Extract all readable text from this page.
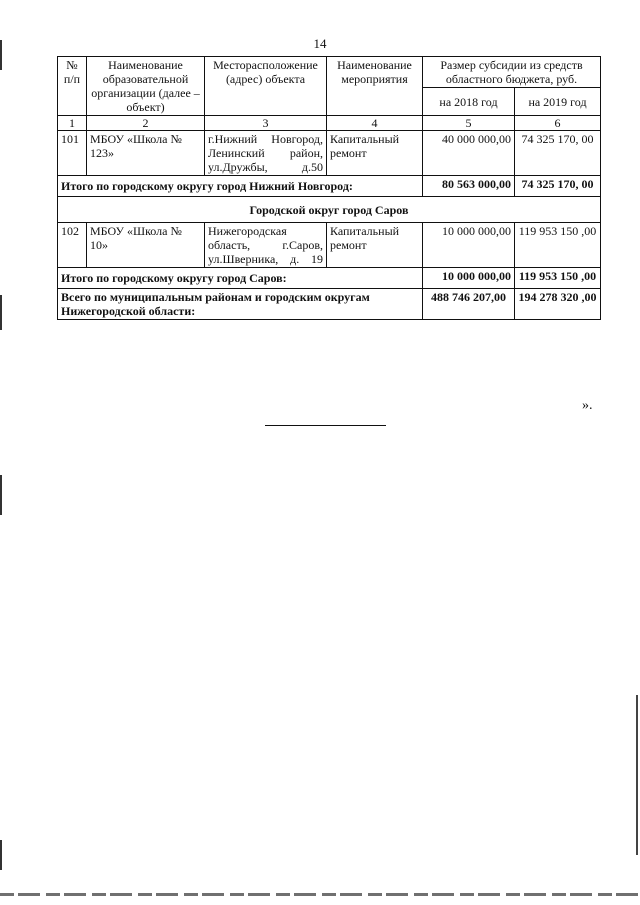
14
№ п/п	Наименование образовательной организации (далее – объект)	Месторасположение (адрес) объекта	Наименование мероприятия	Размер субсидии из средств областного бюджета, руб.	
				на 2018 год	на 2019 год
1	2	3	4	5	6
101	МБОУ «Школа № 123»	г.Нижний Новгород, Ленинский район, ул.Дружбы, д.50	Капитальный ремонт	40 000 000,00	74 325 170, 00
Итого по городскому округу город Нижний Новгород:				80 563 000,00	74 325 170, 00
Городской округ город Саров					
102	МБОУ «Школа № 10»	Нижегородская область, г.Саров, ул.Шверника, д. 19	Капитальный ремонт	10 000 000,00	119 953 150 ,00
Итого по городскому округу город Саров:				10 000 000,00	119 953 150 ,00
Всего по муниципальным районам и городским округам Нижегородской области:				488 746 207,00	194 278 320 ,00
».
